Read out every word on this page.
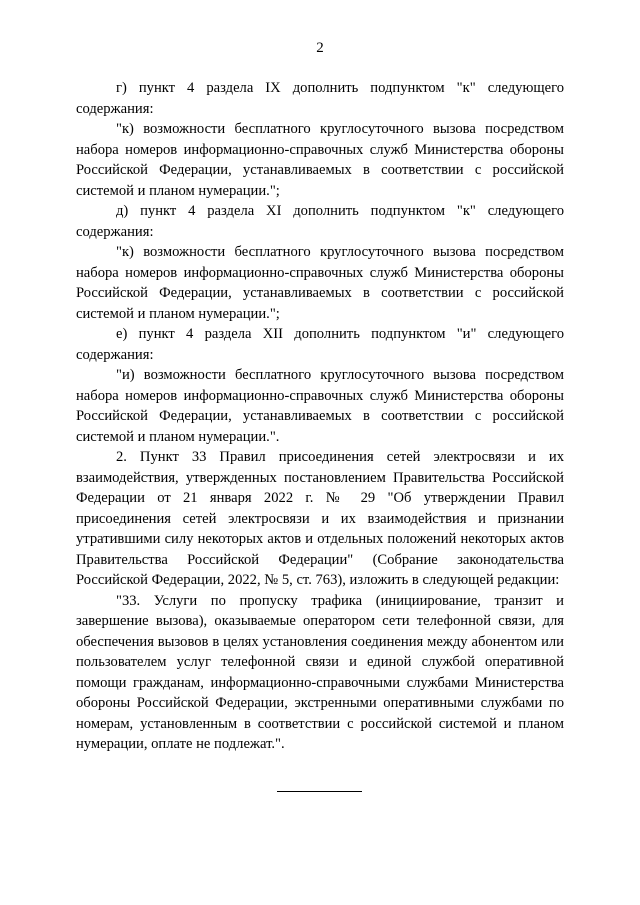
2

г) пункт 4 раздела IX дополнить подпунктом "к" следующего содержания:

"к) возможности бесплатного круглосуточного вызова посредством набора номеров информационно-справочных служб Министерства обороны Российской Федерации, устанавливаемых в соответствии с российской системой и планом нумерации.";

д) пункт 4 раздела XI дополнить подпунктом "к" следующего содержания:

"к) возможности бесплатного круглосуточного вызова посредством набора номеров информационно-справочных служб Министерства обороны Российской Федерации, устанавливаемых в соответствии с российской системой и планом нумерации.";

е) пункт 4 раздела XII дополнить подпунктом "и" следующего содержания:

"и) возможности бесплатного круглосуточного вызова посредством набора номеров информационно-справочных служб Министерства обороны Российской Федерации, устанавливаемых в соответствии с российской системой и планом нумерации.".

2. Пункт 33 Правил присоединения сетей электросвязи и их взаимодействия, утвержденных постановлением Правительства Российской Федерации от 21 января 2022 г. № 29 "Об утверждении Правил присоединения сетей электросвязи и их взаимодействия и признании утратившими силу некоторых актов и отдельных положений некоторых актов Правительства Российской Федерации" (Собрание законодательства Российской Федерации, 2022, № 5, ст. 763), изложить в следующей редакции:

"33. Услуги по пропуску трафика (инициирование, транзит и завершение вызова), оказываемые оператором сети телефонной связи, для обеспечения вызовов в целях установления соединения между абонентом или пользователем услуг телефонной связи и единой службой оперативной помощи гражданам, информационно-справочными службами Министерства обороны Российской Федерации, экстренными оперативными службами по номерам, установленным в соответствии с российской системой и планом нумерации, оплате не подлежат.".
